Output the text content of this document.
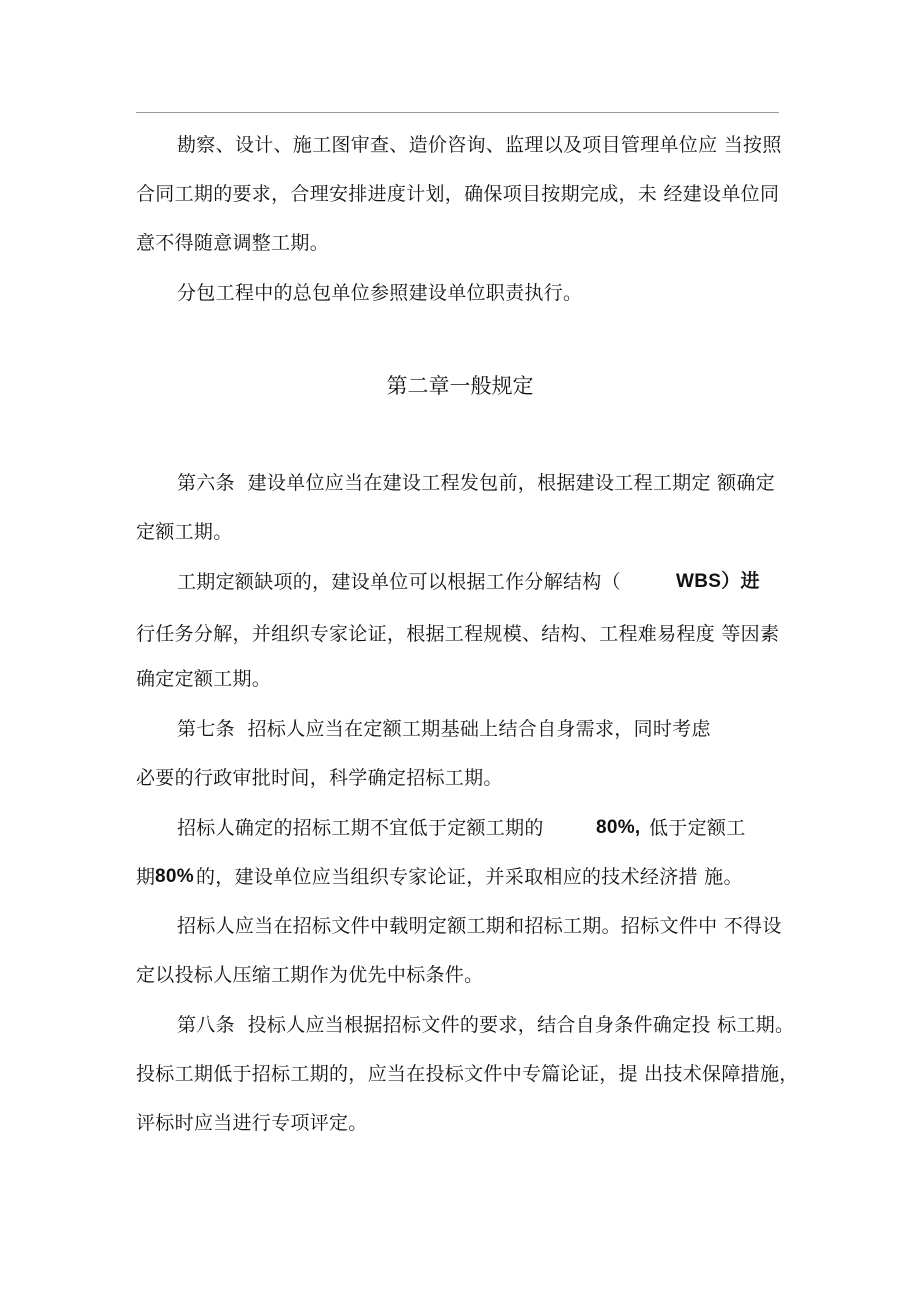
勘察、设计、施工图审查、造价咨询、监理以及项目管理单位应 当按照
合同工期的要求，合理安排进度计划，确保项目按期完成，未 经建设单位同
意不得随意调整工期。
分包工程中的总包单位参照建设单位职责执行。
第二章一般规定
第六条  建设单位应当在建设工程发包前，根据建设工程工期定 额确定
定额工期。
工期定额缺项的，建设单位可以根据工作分解结构（	WBS）进
行任务分解，并组织专家论证，根据工程规模、结构、工程难易程度 等因素
确定定额工期。
第七条  招标人应当在定额工期基础上结合自身需求，同时考虑
必要的行政审批时间，科学确定招标工期。
招标人确定的招标工期不宜低于定额工期的	80%, 低于定额工
期 80% 的，建设单位应当组织专家论证，并采取相应的技术经济措 施。
招标人应当在招标文件中载明定额工期和招标工期。招标文件中 不得设
定以投标人压缩工期作为优先中标条件。
第八条  投标人应当根据招标文件的要求，结合自身条件确定投 标工期。
投标工期低于招标工期的，应当在投标文件中专篇论证，提 出技术保障措施，
评标时应当进行专项评定。
